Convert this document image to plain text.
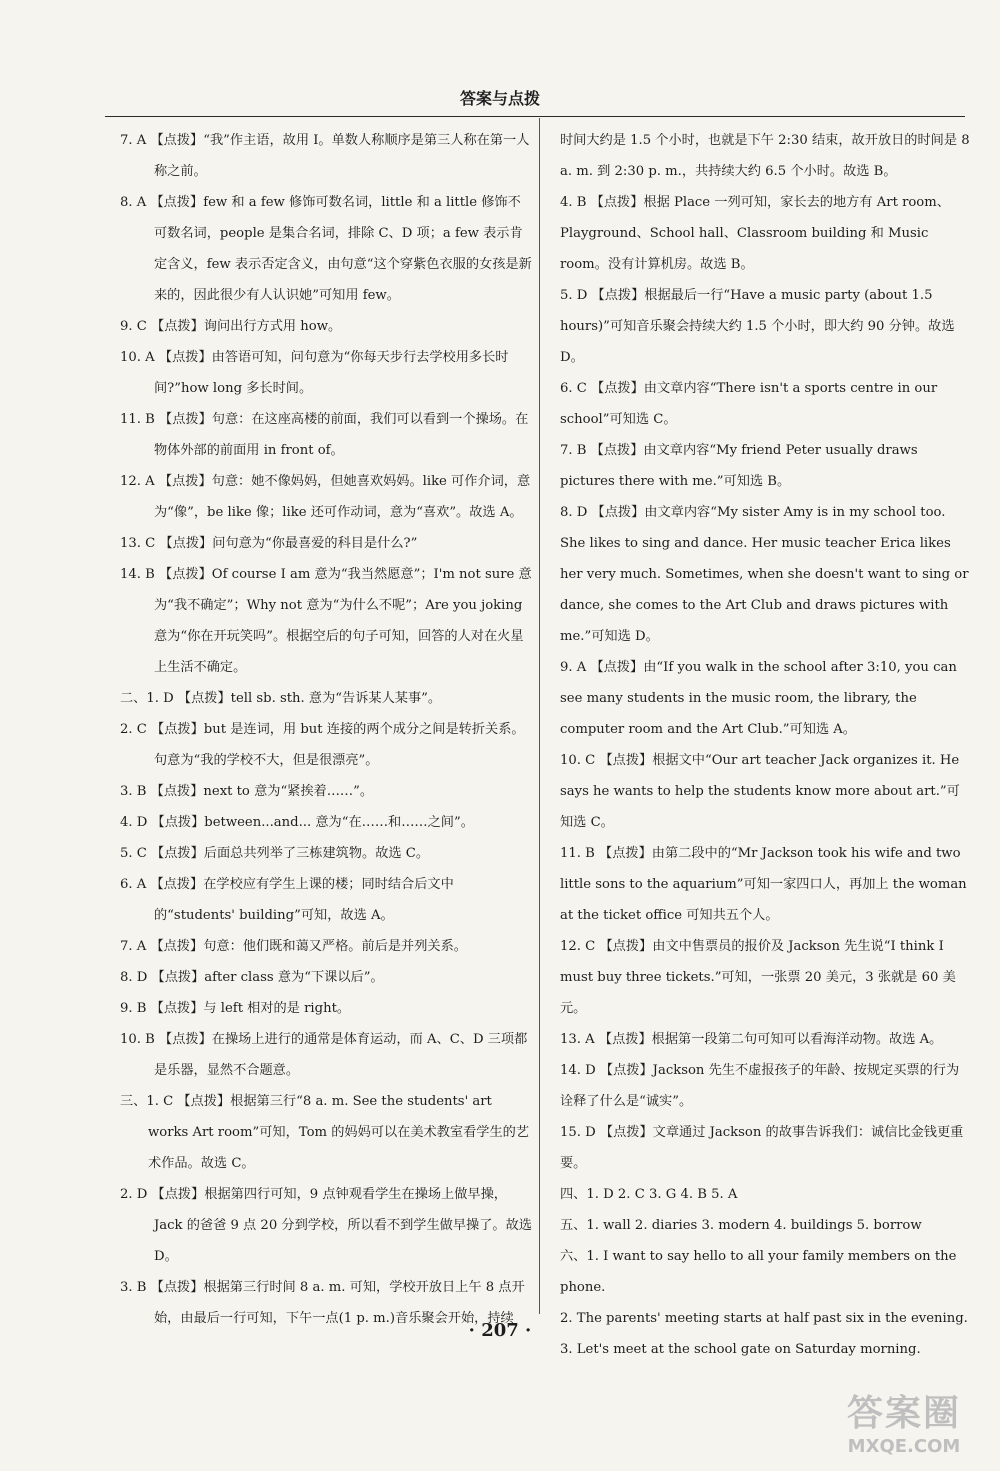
答案与点拨

7. A 【点拨】“我”作主语，故用 I。单数人称顺序是第三人称在第一人称之前。

8. A 【点拨】few 和 a few 修饰可数名词，little 和 a little 修饰不可数名词，people 是集合名词，排除 C、D 项；a few 表示肯定含义，few 表示否定含义，由句意“这个穿紫色衣服的女孩是新来的，因此很少有人认识她”可知用 few。

9. C 【点拨】询问出行方式用 how。

10. A 【点拨】由答语可知，问句意为“你每天步行去学校用多长时间?”how long 多长时间。

11. B 【点拨】句意：在这座高楼的前面，我们可以看到一个操场。在物体外部的前面用 in front of。

12. A 【点拨】句意：她不像妈妈，但她喜欢妈妈。like 可作介词，意为“像”，be like 像；like 还可作动词，意为“喜欢”。故选 A。

13. C 【点拨】问句意为“你最喜爱的科目是什么?”

14. B 【点拨】Of course I am 意为“我当然愿意”；I'm not sure 意为“我不确定”；Why not 意为“为什么不呢”；Are you joking 意为“你在开玩笑吗”。根据空后的句子可知，回答的人对在火星上生活不确定。

二、1. D 【点拨】tell sb. sth. 意为“告诉某人某事”。

2. C 【点拨】but 是连词，用 but 连接的两个成分之间是转折关系。句意为“我的学校不大，但是很漂亮”。

3. B 【点拨】next to 意为“紧挨着……”。

4. D 【点拨】between...and... 意为“在……和……之间”。

5. C 【点拨】后面总共列举了三栋建筑物。故选 C。

6. A 【点拨】在学校应有学生上课的楼；同时结合后文中的“students' building”可知，故选 A。

7. A 【点拨】句意：他们既和蔼又严格。前后是并列关系。

8. D 【点拨】after class 意为“下课以后”。

9. B 【点拨】与 left 相对的是 right。

10. B 【点拨】在操场上进行的通常是体育运动，而 A、C、D 三项都是乐器，显然不合题意。

三、1. C 【点拨】根据第三行“8 a. m. See the students' art works Art room”可知，Tom 的妈妈可以在美术教室看学生的艺术作品。故选 C。

2. D 【点拨】根据第四行可知，9 点钟观看学生在操场上做早操，Jack 的爸爸 9 点 20 分到学校，所以看不到学生做早操了。故选 D。

3. B 【点拨】根据第三行时间 8 a. m. 可知，学校开放日上午 8 点开始，由最后一行可知，下午一点(1 p. m.)音乐聚会开始，持续

时间大约是 1.5 个小时，也就是下午 2:30 结束，故开放日的时间是 8 a. m. 到 2:30 p. m.，共持续大约 6.5 个小时。故选 B。

4. B 【点拨】根据 Place 一列可知，家长去的地方有 Art room、Playground、School hall、Classroom building 和 Music room。没有计算机房。故选 B。

5. D 【点拨】根据最后一行“Have a music party (about 1.5 hours)”可知音乐聚会持续大约 1.5 个小时，即大约 90 分钟。故选 D。

6. C 【点拨】由文章内容“There isn't a sports centre in our school”可知选 C。

7. B 【点拨】由文章内容“My friend Peter usually draws pictures there with me.”可知选 B。

8. D 【点拨】由文章内容“My sister Amy is in my school too. She likes to sing and dance. Her music teacher Erica likes her very much. Sometimes, when she doesn't want to sing or dance, she comes to the Art Club and draws pictures with me.”可知选 D。

9. A 【点拨】由“If you walk in the school after 3:10, you can see many students in the music room, the library, the computer room and the Art Club.”可知选 A。

10. C 【点拨】根据文中“Our art teacher Jack organizes it. He says he wants to help the students know more about art.”可知选 C。

11. B 【点拨】由第二段中的“Mr Jackson took his wife and two little sons to the aquarium”可知一家四口人，再加上 the woman at the ticket office 可知共五个人。

12. C 【点拨】由文中售票员的报价及 Jackson 先生说“I think I must buy three tickets.”可知，一张票 20 美元，3 张就是 60 美元。

13. A 【点拨】根据第一段第二句可知可以看海洋动物。故选 A。

14. D 【点拨】Jackson 先生不虚报孩子的年龄、按规定买票的行为诠释了什么是“诚实”。

15. D 【点拨】文章通过 Jackson 的故事告诉我们：诚信比金钱更重要。

四、1. D 2. C 3. G 4. B 5. A

五、1. wall 2. diaries 3. modern 4. buildings 5. borrow

六、1. I want to say hello to all your family members on the phone.

2. The parents' meeting starts at half past six in the evening.

3. Let's meet at the school gate on Saturday morning.

· 207 ·
答案圈
MXQE.COM
